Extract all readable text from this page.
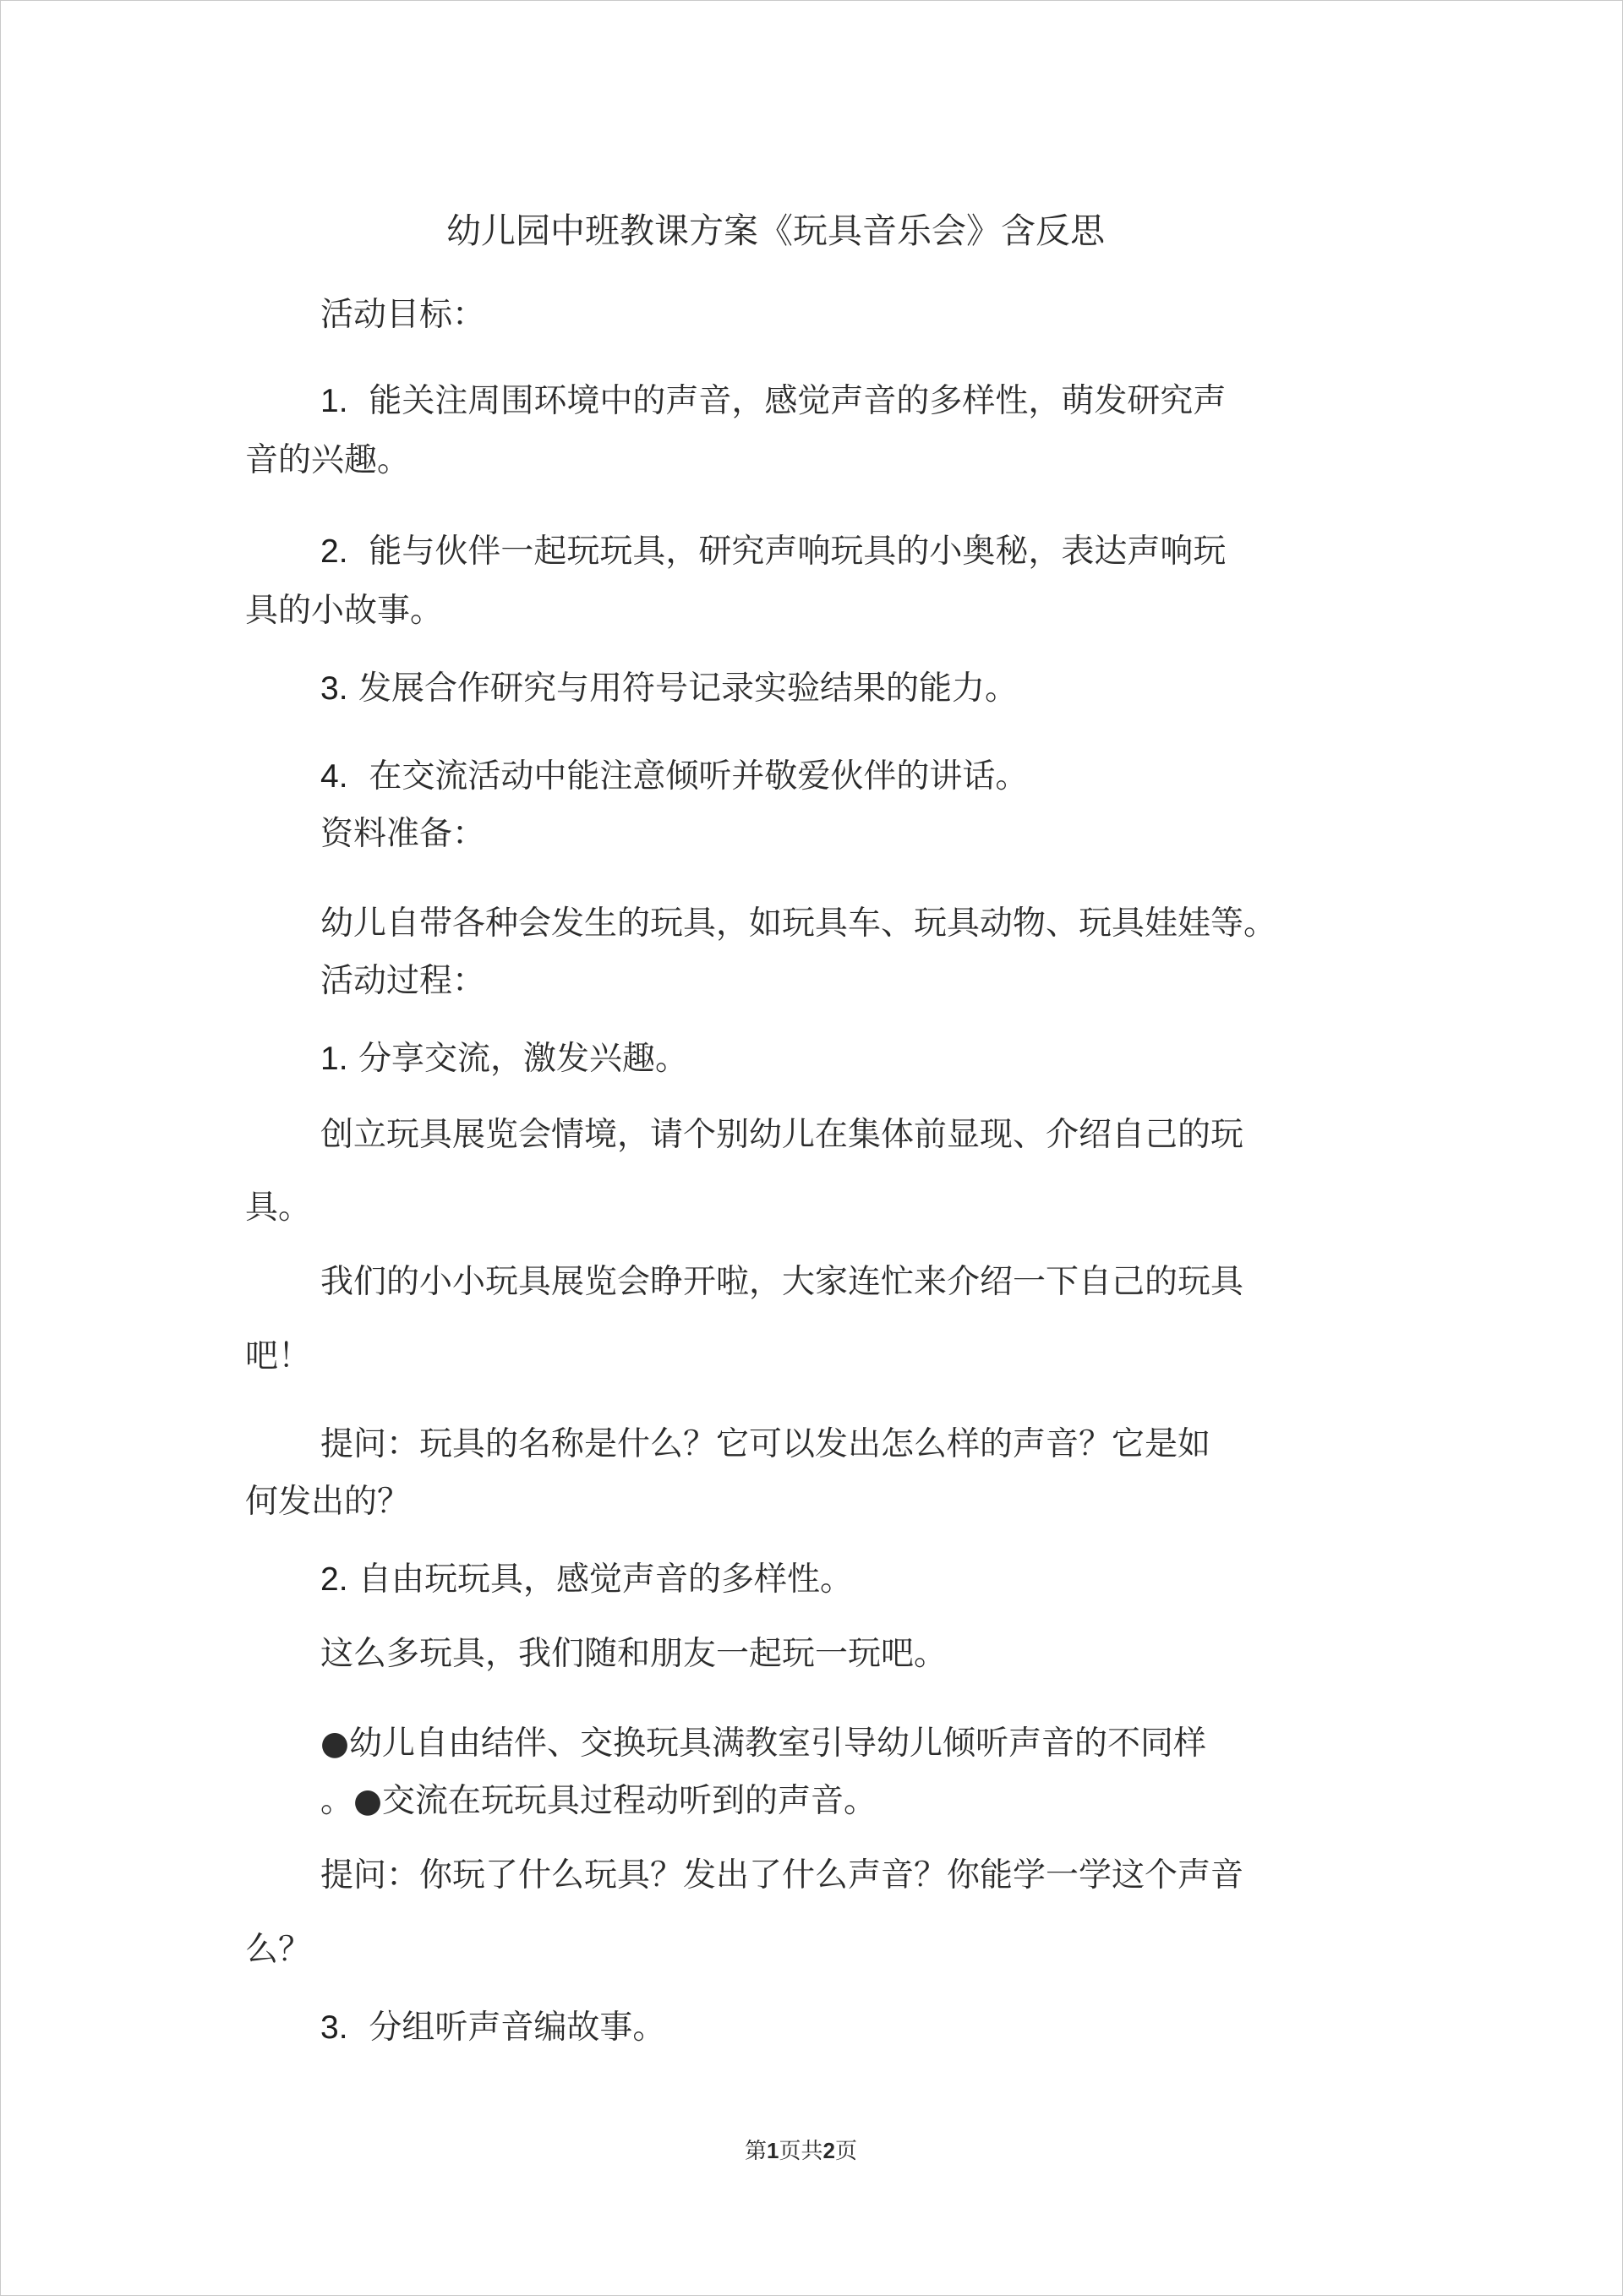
幼儿园中班教课方案《玩具音乐会》含反思
活动目标：
1. 能关注周围环境中的声音，感觉声音的多样性，萌发研究声
音的兴趣。
2. 能与伙伴一起玩玩具，研究声响玩具的小奥秘，表达声响玩
具的小故事。
3. 发展合作研究与用符号记录实验结果的能力。
4. 在交流活动中能注意倾听并敬爱伙伴的讲话。
资料准备：
幼儿自带各种会发生的玩具，如玩具车、玩具动物、玩具娃娃等。
活动过程：
1. 分享交流，激发兴趣。
创立玩具展览会情境，请个别幼儿在集体前显现、介绍自己的玩
具。
我们的小小玩具展览会睁开啦，大家连忙来介绍一下自己的玩具
吧！
提问：玩具的名称是什么？它可以发出怎么样的声音？它是如
何发出的？
2. 自由玩玩具，感觉声音的多样性。
这么多玩具，我们随和朋友一起玩一玩吧。
●幼儿自由结伴、交换玩具满教室引导幼儿倾听声音的不同样
。●交流在玩玩具过程动听到的声音。
提问：你玩了什么玩具？发出了什么声音？你能学一学这个声音
么？
3. 分组听声音编故事。
第1页共2页
